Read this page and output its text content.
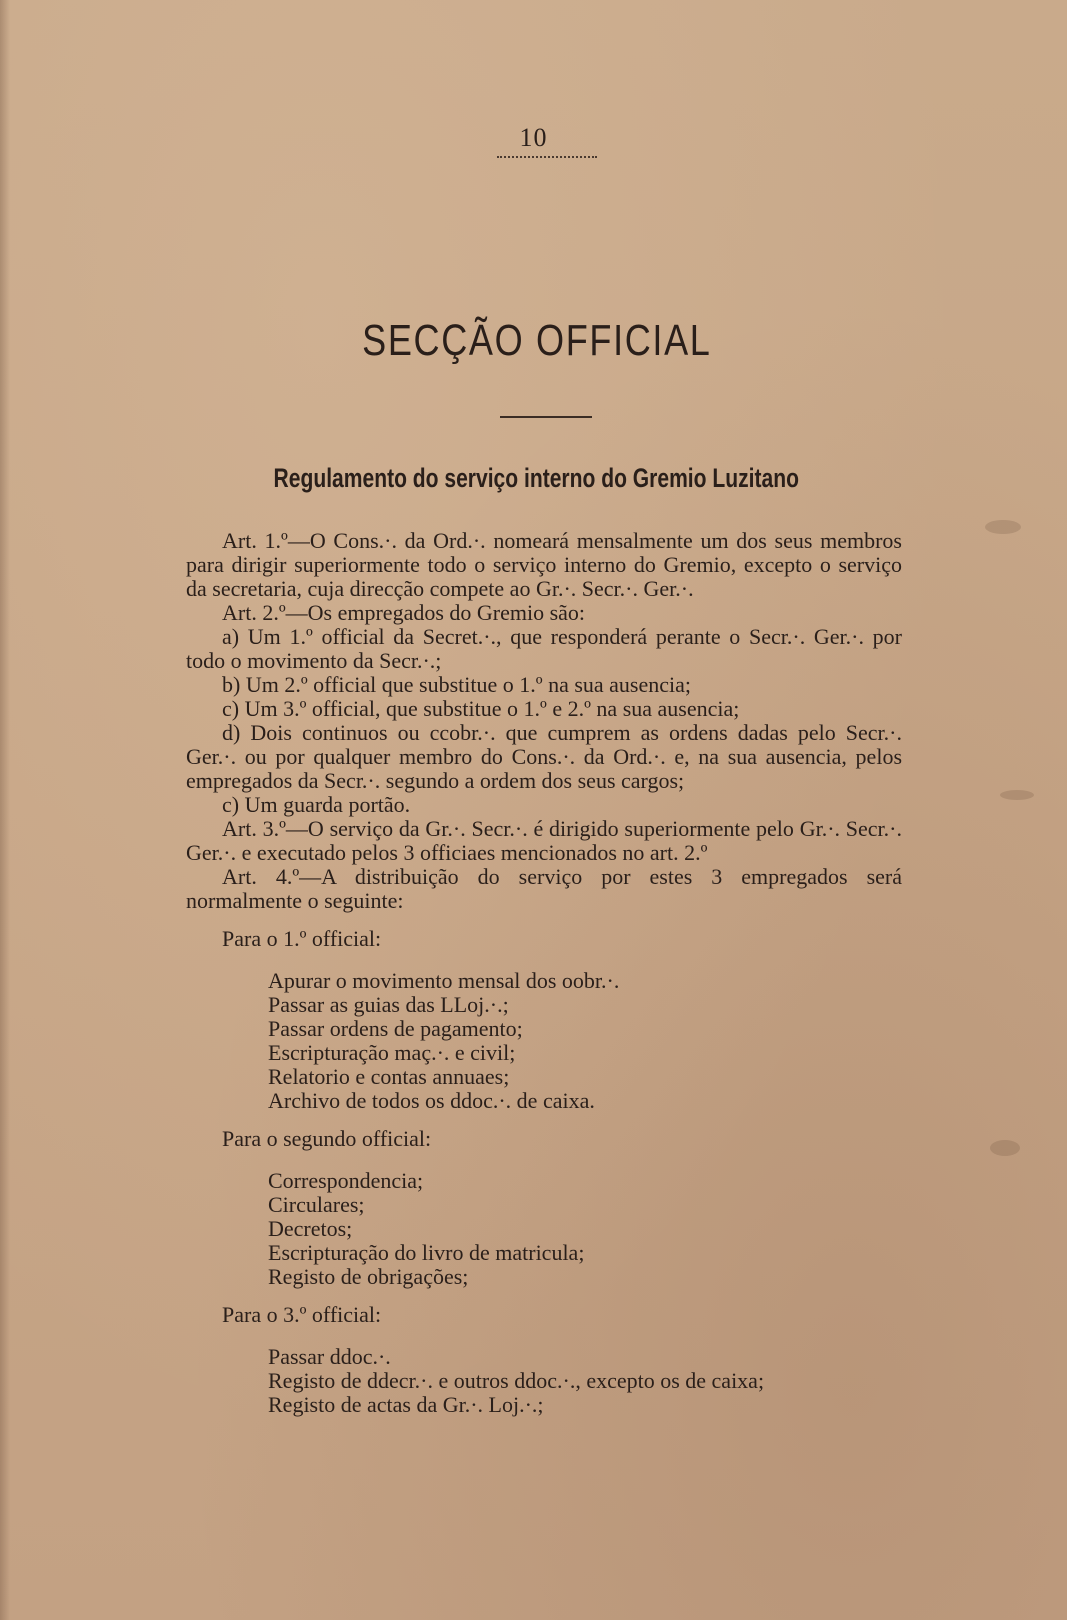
10
SECÇÃO OFFICIAL
Regulamento do serviço interno do Gremio Luzitano

Art. 1.º—O Cons.·. da Ord.·. nomeará mensalmente um dos seus membros para dirigir superiormente todo o serviço interno do Gremio, excepto o serviço da secretaria, cuja direcção compete ao Gr.·. Secr.·. Ger.·.

Art. 2.º—Os empregados do Gremio são:

a) Um 1.º official da Secret.·., que responderá perante o Secr.·. Ger.·. por todo o movimento da Secr.·.;

b) Um 2.º official que substitue o 1.º na sua ausencia;

c) Um 3.º official, que substitue o 1.º e 2.º na sua ausencia;

d) Dois continuos ou ccobr.·. que cumprem as ordens dadas pelo Secr.·. Ger.·. ou por qualquer membro do Cons.·. da Ord.·. e, na sua ausencia, pelos empregados da Secr.·. segundo a ordem dos seus cargos;

c) Um guarda portão.

Art. 3.º—O serviço da Gr.·. Secr.·. é dirigido superiormente pelo Gr.·. Secr.·. Ger.·. e executado pelos 3 officiaes mencionados no art. 2.º

Art. 4.º—A distribuição do serviço por estes 3 empregados será normalmente o seguinte:

Para o 1.º official:

Apurar o movimento mensal dos oobr.·.
Passar as guias das LLoj.·.;
Passar ordens de pagamento;
Escripturação maç.·. e civil;
Relatorio e contas annuaes;
Archivo de todos os ddoc.·. de caixa.

Para o segundo official:

Correspondencia;
Circulares;
Decretos;
Escripturação do livro de matricula;
Registo de obrigações;

Para o 3.º official:

Passar ddoc.·.
Registo de ddecr.·. e outros ddoc.·., excepto os de caixa;
Registo de actas da Gr.·. Loj.·.;
